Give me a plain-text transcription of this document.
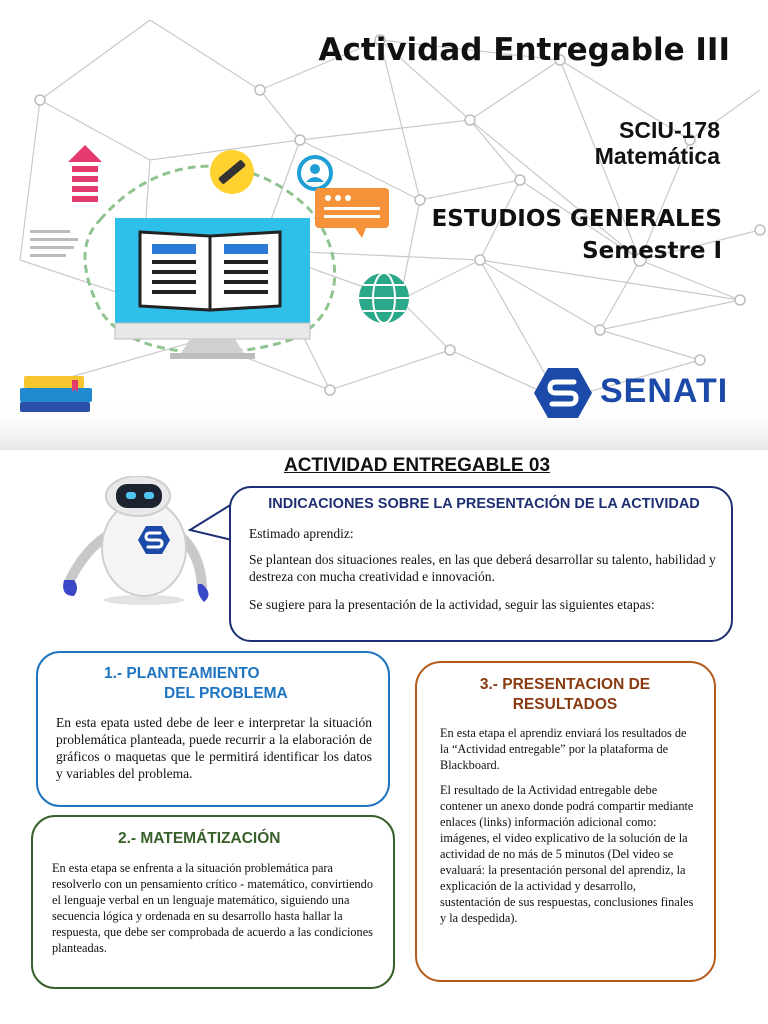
Actividad Entregable III
SCIU-178
Matemática
ESTUDIOS GENERALES
Semestre I
SENATI
ACTIVIDAD ENTREGABLE 03
INDICACIONES SOBRE LA PRESENTACIÓN DE LA ACTIVIDAD
Estimado aprendiz:
Se plantean dos situaciones reales, en las que deberá desarrollar su talento, habilidad y destreza con mucha creatividad e innovación.
Se sugiere para la presentación de la actividad, seguir las siguientes etapas:
1.- PLANTEAMIENTO
DEL PROBLEMA
En esta epata usted debe de leer e interpretar la situación problemática planteada, puede recurrir a la elaboración de gráficos o maquetas que le permitirá identificar los datos y variables del problema.
2.- MATEMÁTIZACIÓN
En esta etapa se enfrenta a la situación problemática para resolverlo con un pensamiento crítico - matemático, convirtiendo el lenguaje verbal en un lenguaje matemático, siguiendo una secuencia lógica y ordenada en su desarrollo hasta hallar la respuesta, que debe ser comprobada de acuerdo a las condiciones planteadas.
3.- PRESENTACION DE
RESULTADOS
En esta etapa el aprendiz enviará los resultados de la “Actividad entregable” por la plataforma de Blackboard.
El resultado de la Actividad entregable debe contener un anexo donde podrá compartir mediante enlaces (links) información adicional como: imágenes, el video explicativo de la solución de la actividad de no más de 5 minutos (Del video se evaluará: la presentación personal del aprendiz, la explicación de la actividad y desarrollo, sustentación de sus respuestas, conclusiones finales y la despedida).
